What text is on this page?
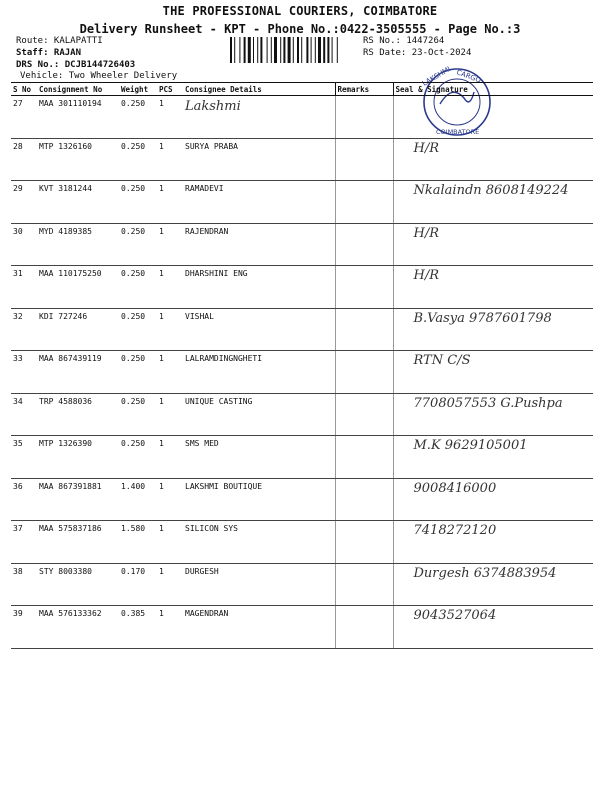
THE PROFESSIONAL COURIERS, COIMBATORE
Delivery Runsheet - KPT - Phone No.:0422-3505555 - Page No.:3
Route: KALAPATTI
Staff: RAJAN
DRS No.: DCJB144726403
Vehicle: Two Wheeler Delivery
RS No.: 1447264
RS Date: 23-Oct-2024
LAKSHMI CARGO
COIMBATORE
S No	Consignment No	Weight	PCS	Consignee Details	Remarks	Seal & Signature
27	MAA 301110194	0.250	1	Lakshmi		

28	MTP 1326160	0.250	1	SURYA PRABA		H/R

29	KVT 3181244	0.250	1	RAMADEVI		Nkalaindn 8608149224

30	MYD 4189385	0.250	1	RAJENDRAN		H/R

31	MAA 110175250	0.250	1	DHARSHINI ENG		H/R

32	KDI 727246	0.250	1	VISHAL		B.Vasya 9787601798

33	MAA 867439119	0.250	1	LALRAMDINGNGHETI		RTN C/S

34	TRP 4588036	0.250	1	UNIQUE CASTING		7708057553 G.Pushpa

35	MTP 1326390	0.250	1	SMS MED		M.K 9629105001

36	MAA 867391881	1.400	1	LAKSHMI BOUTIQUE		9008416000

37	MAA 575837186	1.580	1	SILICON SYS		7418272120

38	STY 8003380	0.170	1	DURGESH		Durgesh 6374883954

39	MAA 576133362	0.385	1	MAGENDRAN		9043527064
